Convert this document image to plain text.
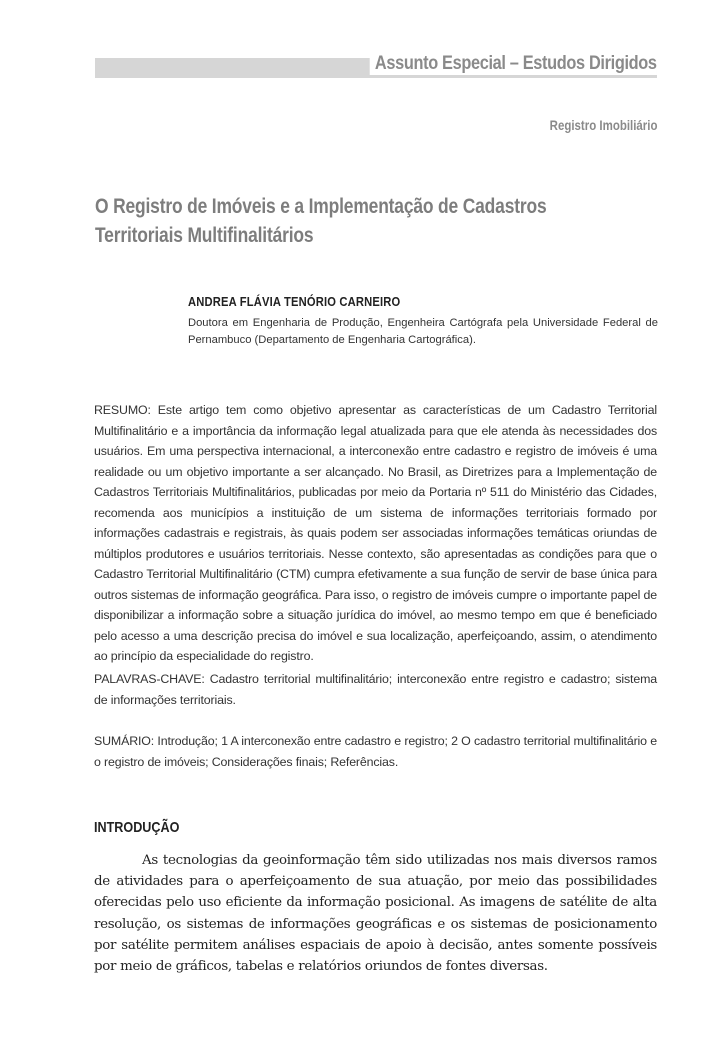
Assunto Especial – Estudos Dirigidos
Registro Imobiliário
O Registro de Imóveis e a Implementação de Cadastros Territoriais Multifinalitários
ANDREA FLÁVIA TENÓRIO CARNEIRO
Doutora em Engenharia de Produção, Engenheira Cartógrafa pela Universidade Federal de Pernambuco (Departamento de Engenharia Cartográfica).
RESUMO: Este artigo tem como objetivo apresentar as características de um Cadastro Territorial Multifinalitário e a importância da informação legal atualizada para que ele atenda às necessidades dos usuários. Em uma perspectiva internacional, a interconexão entre cadastro e registro de imóveis é uma realidade ou um objetivo importante a ser alcançado. No Brasil, as Diretrizes para a Implementação de Cadastros Territoriais Multifinalitários, publicadas por meio da Portaria nº 511 do Ministério das Cidades, recomenda aos municípios a instituição de um sistema de informações territoriais formado por informações cadastrais e registrais, às quais podem ser associadas informações temáticas oriundas de múltiplos produtores e usuários territoriais. Nesse contexto, são apresentadas as condições para que o Cadastro Territorial Multifinalitário (CTM) cumpra efetivamente a sua função de servir de base única para outros sistemas de informação geográfica. Para isso, o registro de imóveis cumpre o importante papel de disponibilizar a informação sobre a situação jurídica do imóvel, ao mesmo tempo em que é beneficiado pelo acesso a uma descrição precisa do imóvel e sua localização, aperfeiçoando, assim, o atendimento ao princípio da especialidade do registro.
PALAVRAS-CHAVE: Cadastro territorial multifinalitário; interconexão entre registro e cadastro; sistema de informações territoriais.
SUMÁRIO: Introdução; 1 A interconexão entre cadastro e registro; 2 O cadastro territorial multifinalitário e o registro de imóveis; Considerações finais; Referências.
INTRODUÇÃO
As tecnologias da geoinformação têm sido utilizadas nos mais diversos ramos de atividades para o aperfeiçoamento de sua atuação, por meio das possibilidades oferecidas pelo uso eficiente da informação posicional. As imagens de satélite de alta resolução, os sistemas de informações geográficas e os sistemas de posicionamento por satélite permitem análises espaciais de apoio à decisão, antes somente possíveis por meio de gráficos, tabelas e relatórios oriundos de fontes diversas.
